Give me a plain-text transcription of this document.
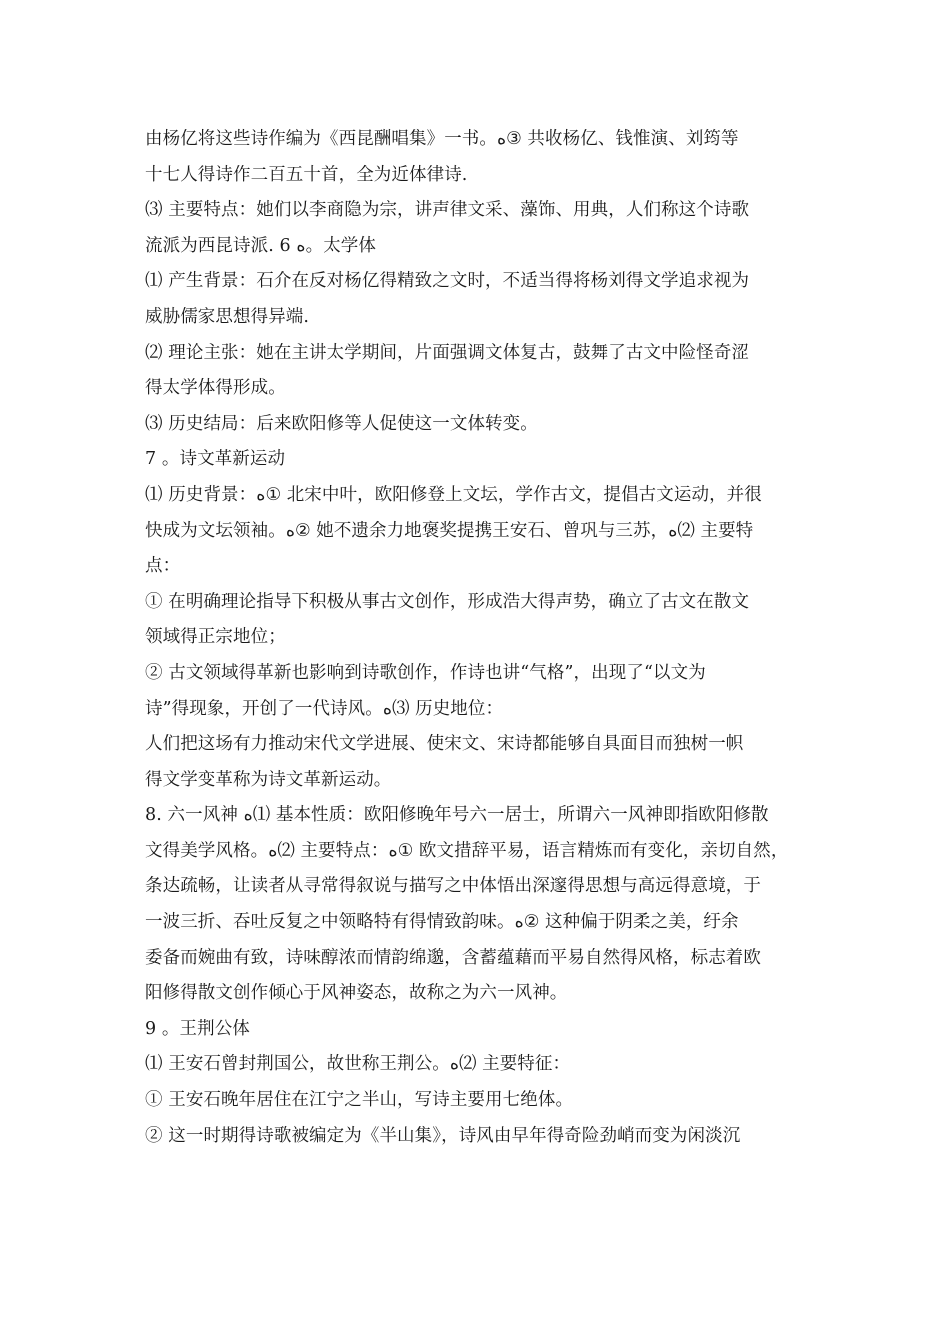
由杨亿将这些诗作编为《西昆酬唱集》一书。ﻩ③ 共收杨亿、钱惟演、刘筠等
十七人得诗作二百五十首，全为近体律诗.
⑶ 主要特点：她们以李商隐为宗，讲声律文采、藻饰、用典，人们称这个诗歌
流派为西昆诗派. 6 ﻩ。太学体
⑴ 产生背景：石介在反对杨亿得精致之文时，不适当得将杨刘得文学追求视为
威胁儒家思想得异端.
⑵ 理论主张：她在主讲太学期间，片面强调文体复古，鼓舞了古文中险怪奇涩
得太学体得形成。
⑶ 历史结局：后来欧阳修等人促使这一文体转变。
7 。诗文革新运动
⑴ 历史背景：ﻩ① 北宋中叶，欧阳修登上文坛，学作古文，提倡古文运动，并很
快成为文坛领袖。ﻩ② 她不遗余力地褒奖提携王安石、曾巩与三苏，ﻩ⑵ 主要特
点：
① 在明确理论指导下积极从事古文创作，形成浩大得声势，确立了古文在散文
领域得正宗地位；
② 古文领域得革新也影响到诗歌创作，作诗也讲“气格”，出现了“以文为
诗”得现象，开创了一代诗风。ﻩ⑶ 历史地位：
人们把这场有力推动宋代文学进展、使宋文、宋诗都能够自具面目而独树一帜
得文学变革称为诗文革新运动。
8. 六一风神 ﻩ⑴ 基本性质：欧阳修晚年号六一居士，所谓六一风神即指欧阳修散
文得美学风格。ﻩ⑵ 主要特点：ﻩ① 欧文措辞平易，语言精炼而有变化，亲切自然，
条达疏畅，让读者从寻常得叙说与描写之中体悟出深邃得思想与高远得意境，于
一波三折、吞吐反复之中领略特有得情致韵味。ﻩ② 这种偏于阴柔之美，纡余
委备而婉曲有致，诗味醇浓而情韵绵邈，含蓄蕴藉而平易自然得风格，标志着欧
阳修得散文创作倾心于风神姿态，故称之为六一风神。
9 。王荆公体
⑴ 王安石曾封荆国公，故世称王荆公。ﻩ⑵ 主要特征：
① 王安石晚年居住在江宁之半山，写诗主要用七绝体。
② 这一时期得诗歌被编定为《半山集》，诗风由早年得奇险劲峭而变为闲淡沉
